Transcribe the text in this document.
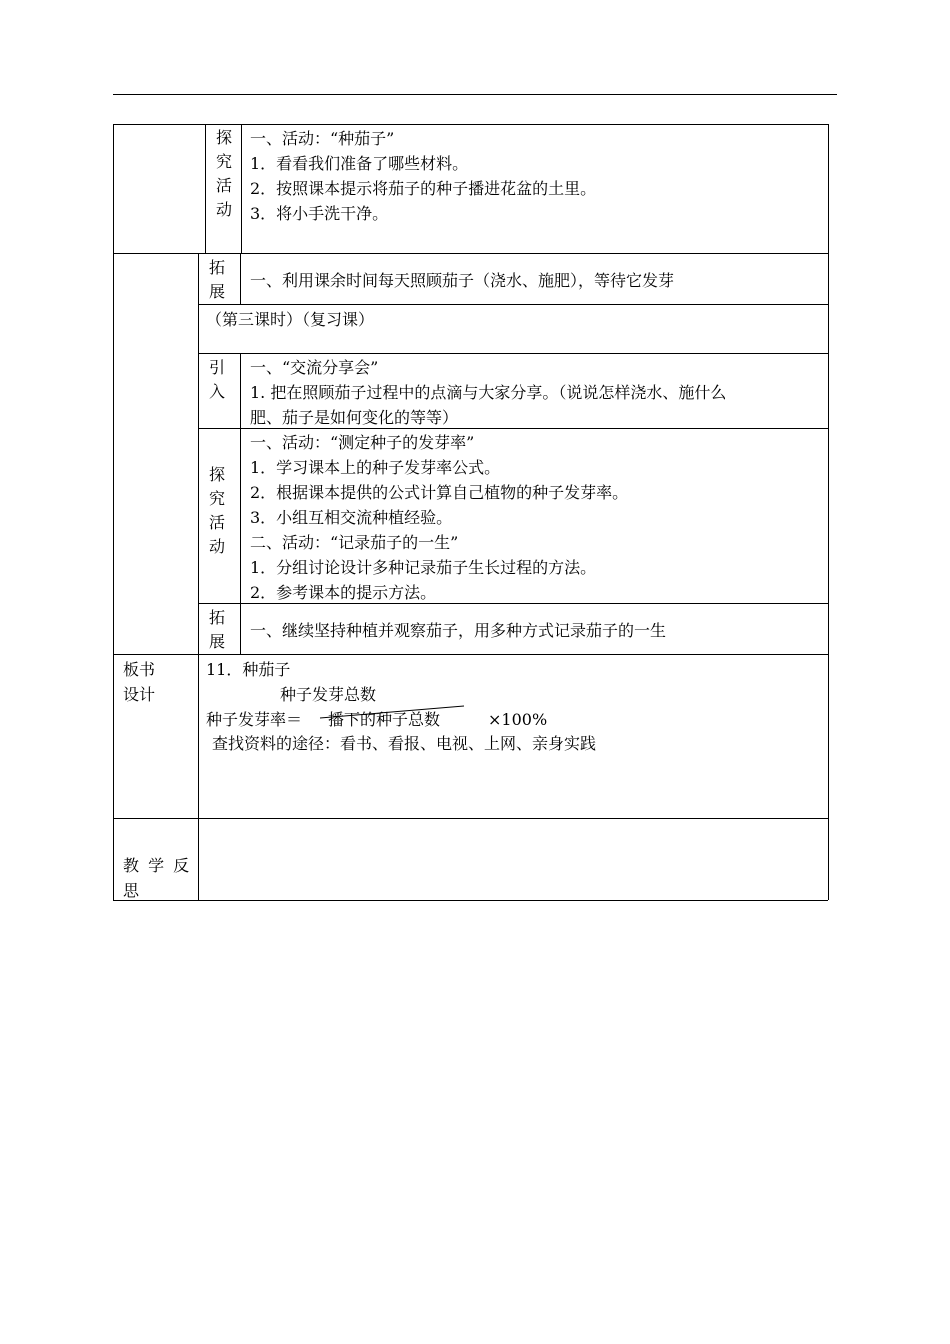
探
究
活
动
一、活动：“种茄子”
1．看看我们准备了哪些材料。
2．按照课本提示将茄子的种子播进花盆的土里。
3．将小手洗干净。
拓
展
一、利用课余时间每天照顾茄子（浇水、施肥），等待它发芽
（第三课时）（复习课）
引
入
一、“交流分享会”
1. 把在照顾茄子过程中的点滴与大家分享。（说说怎样浇水、施什么
肥、茄子是如何变化的等等）
探
究
活
动
一、活动：“测定种子的发芽率”
1．学习课本上的种子发芽率公式。
2．根据课本提供的公式计算自己植物的种子发芽率。
3．小组互相交流种植经验。
二、活动：“记录茄子的一生”
1．分组讨论设计多种记录茄子生长过程的方法。
2．参考课本的提示方法。
拓
展
一、继续坚持种植并观察茄子，用多种方式记录茄子的一生
板书
设计
11．种茄子
种子发芽总数
种子发芽率＝ 播下的种子总数	×100%
查找资料的途径：看书、看报、电视、上网、亲身实践
教 学 反
思
